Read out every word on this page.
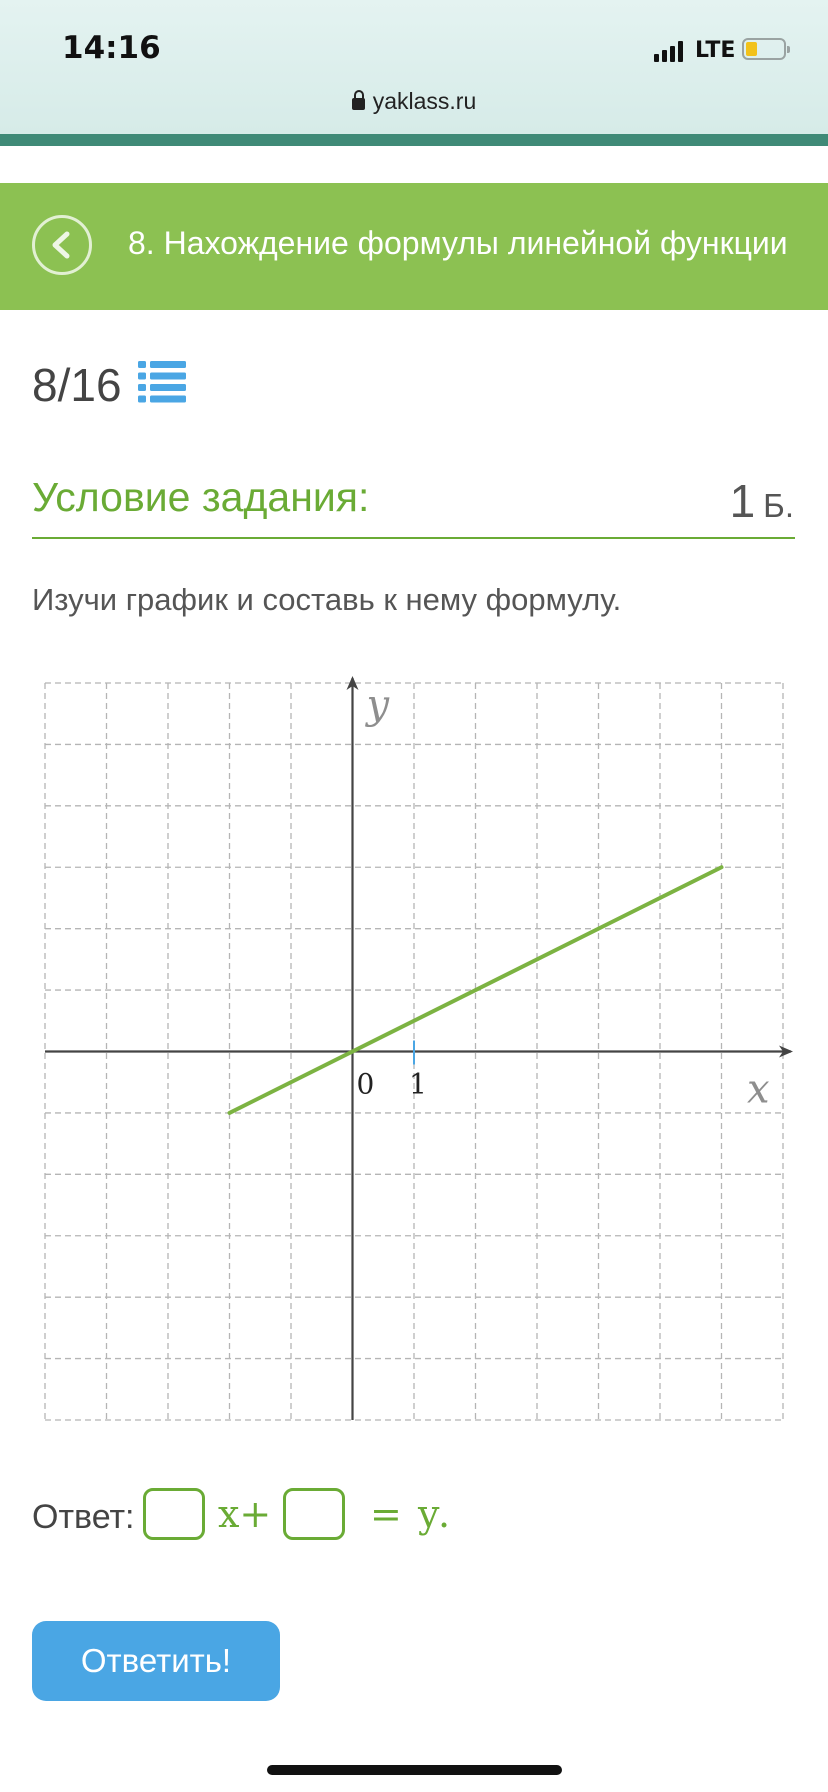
14:16	LTE
yaklass.ru
8. Нахождение формулы линейной функции
8/16
Условие задания:	1 Б.
Изучи график и составь к нему формулу.
x
y
0 1
Ответ: x+	= y
.
Ответить!
